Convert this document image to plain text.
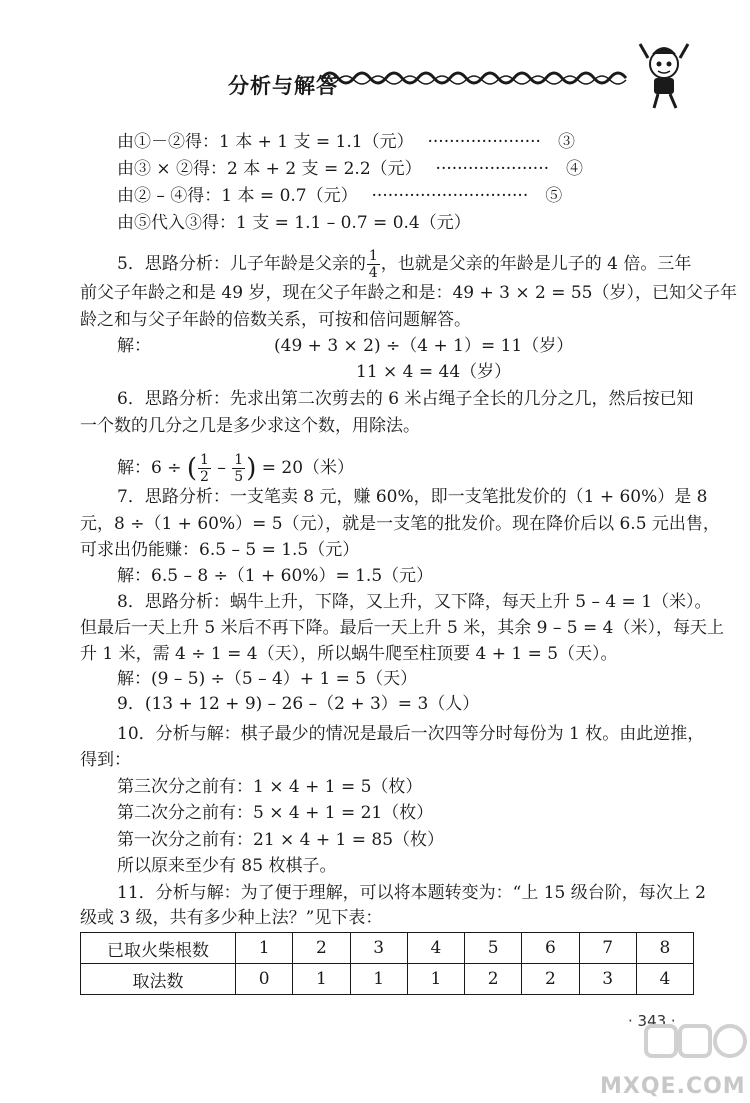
分析与解答
由①－②得：1 本 + 1 支 = 1.1（元）　 ·····················　③
由③ × ②得：2 本 + 2 支 = 2.2（元）　 ·····················　④
由② – ④得：1 本 = 0.7（元）　 ·····························　⑤
由⑤代入③得：1 支 = 1.1 – 0.7 = 0.4（元）
5．思路分析：儿子年龄是父亲的 $\frac{1}{4}$ ，也就是父亲的年龄是儿子的 4 倍。三年
前父子年龄之和是 49 岁，现在父子年龄之和是：49 + 3 × 2 = 55（岁），已知父子年
龄之和与父子年龄的倍数关系，可按和倍问题解答。
解：	(49 + 3 × 2) ÷（4 + 1）= 11（岁）
11 × 4 = 44（岁）
6．思路分析：先求出第二次剪去的 6 米占绳子全长的几分之几，然后按已知
一个数的几分之几是多少求这个数，用除法。
解：6 ÷ ( $\frac{1}{2} - \frac{1}{5}$ ) = 20（米）
7．思路分析：一支笔卖 8 元，赚 60%，即一支笔批发价的（1 + 60%）是 8
元，8 ÷（1 + 60%）= 5（元），就是一支笔的批发价。现在降价后以 6.5 元出售，
可求出仍能赚：6.5 – 5 = 1.5（元）
解：6.5 – 8 ÷（1 + 60%）= 1.5（元）
8．思路分析：蜗牛上升，下降，又上升，又下降，每天上升 5 – 4 = 1（米）。
但最后一天上升 5 米后不再下降。最后一天上升 5 米，其余 9 – 5 = 4（米），每天上
升 1 米，需 4 ÷ 1 = 4（天），所以蜗牛爬至柱顶要 4 + 1 = 5（天）。
解：(9 – 5) ÷（5 – 4）+ 1 = 5（天）
9．(13 + 12 + 9) – 26 –（2 + 3）= 3（人）
10．分析与解：棋子最少的情况是最后一次四等分时每份为 1 枚。由此逆推，
得到：
第三次分之前有：1 × 4 + 1 = 5（枚）
第二次分之前有：5 × 4 + 1 = 21（枚）
第一次分之前有：21 × 4 + 1 = 85（枚）
所以原来至少有 85 枚棋子。
11．分析与解：为了便于理解，可以将本题转变为：“上 15 级台阶，每次上 2
级或 3 级，共有多少种上法？”见下表：
已取火柴根数	1	2	3	4	5	6	7	8
取法数	0	1	1	1	2	2	3	4
· 343 ·
MXQE.COM
